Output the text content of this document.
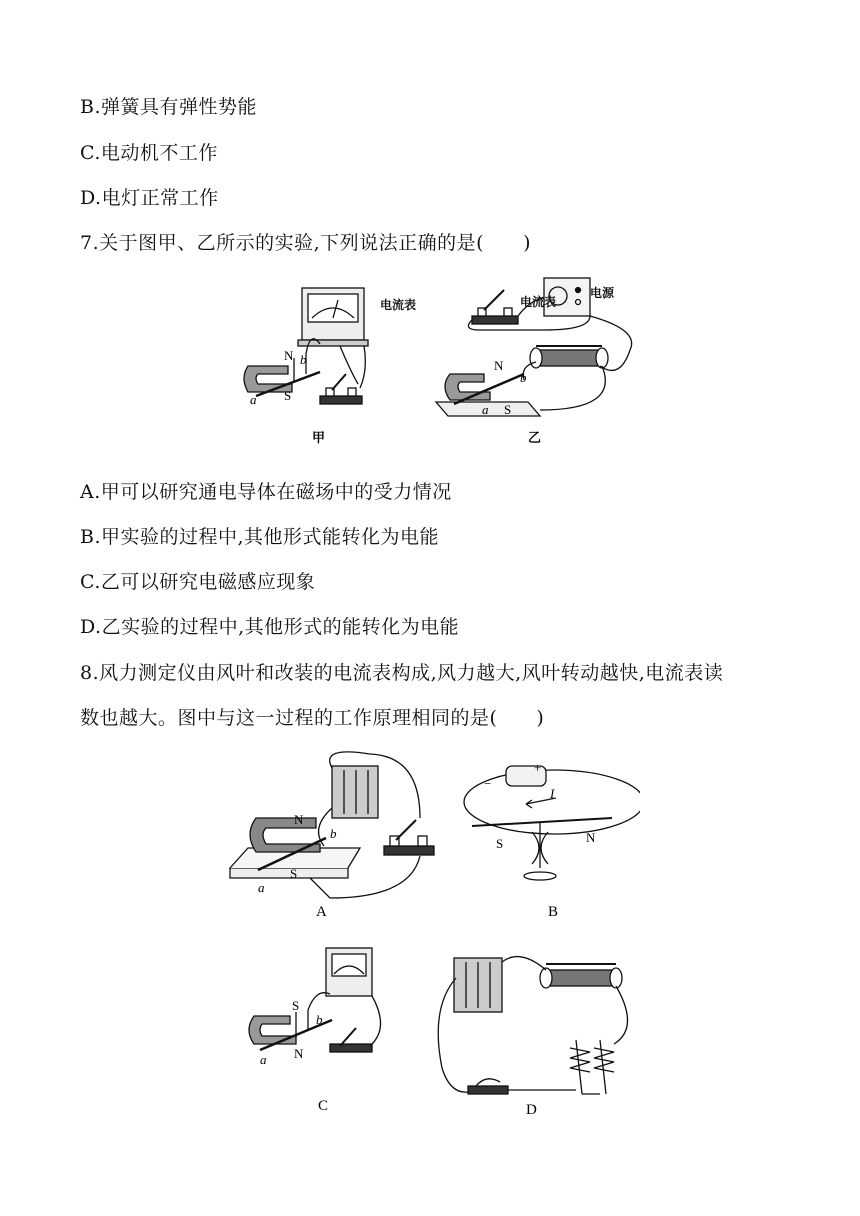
B.弹簧具有弹性势能
C.电动机不工作
D.电灯正常工作
7.关于图甲、乙所示的实验,下列说法正确的是(　　)
电流表
电源
N b
S
a
N
b
S
a
甲	乙
电流表
A.甲可以研究通电导体在磁场中的受力情况
B.甲实验的过程中,其他形式能转化为电能
C.乙可以研究电磁感应现象
D.乙实验的过程中,其他形式的能转化为电能
8.风力测定仪由风叶和改装的电流表构成,风力越大,风叶转动越快,电流表读
数也越大。图中与这一过程的工作原理相同的是(　　)
N
b
S
a
A
−
+
I
S	N
B
S
b
a N
C	D
